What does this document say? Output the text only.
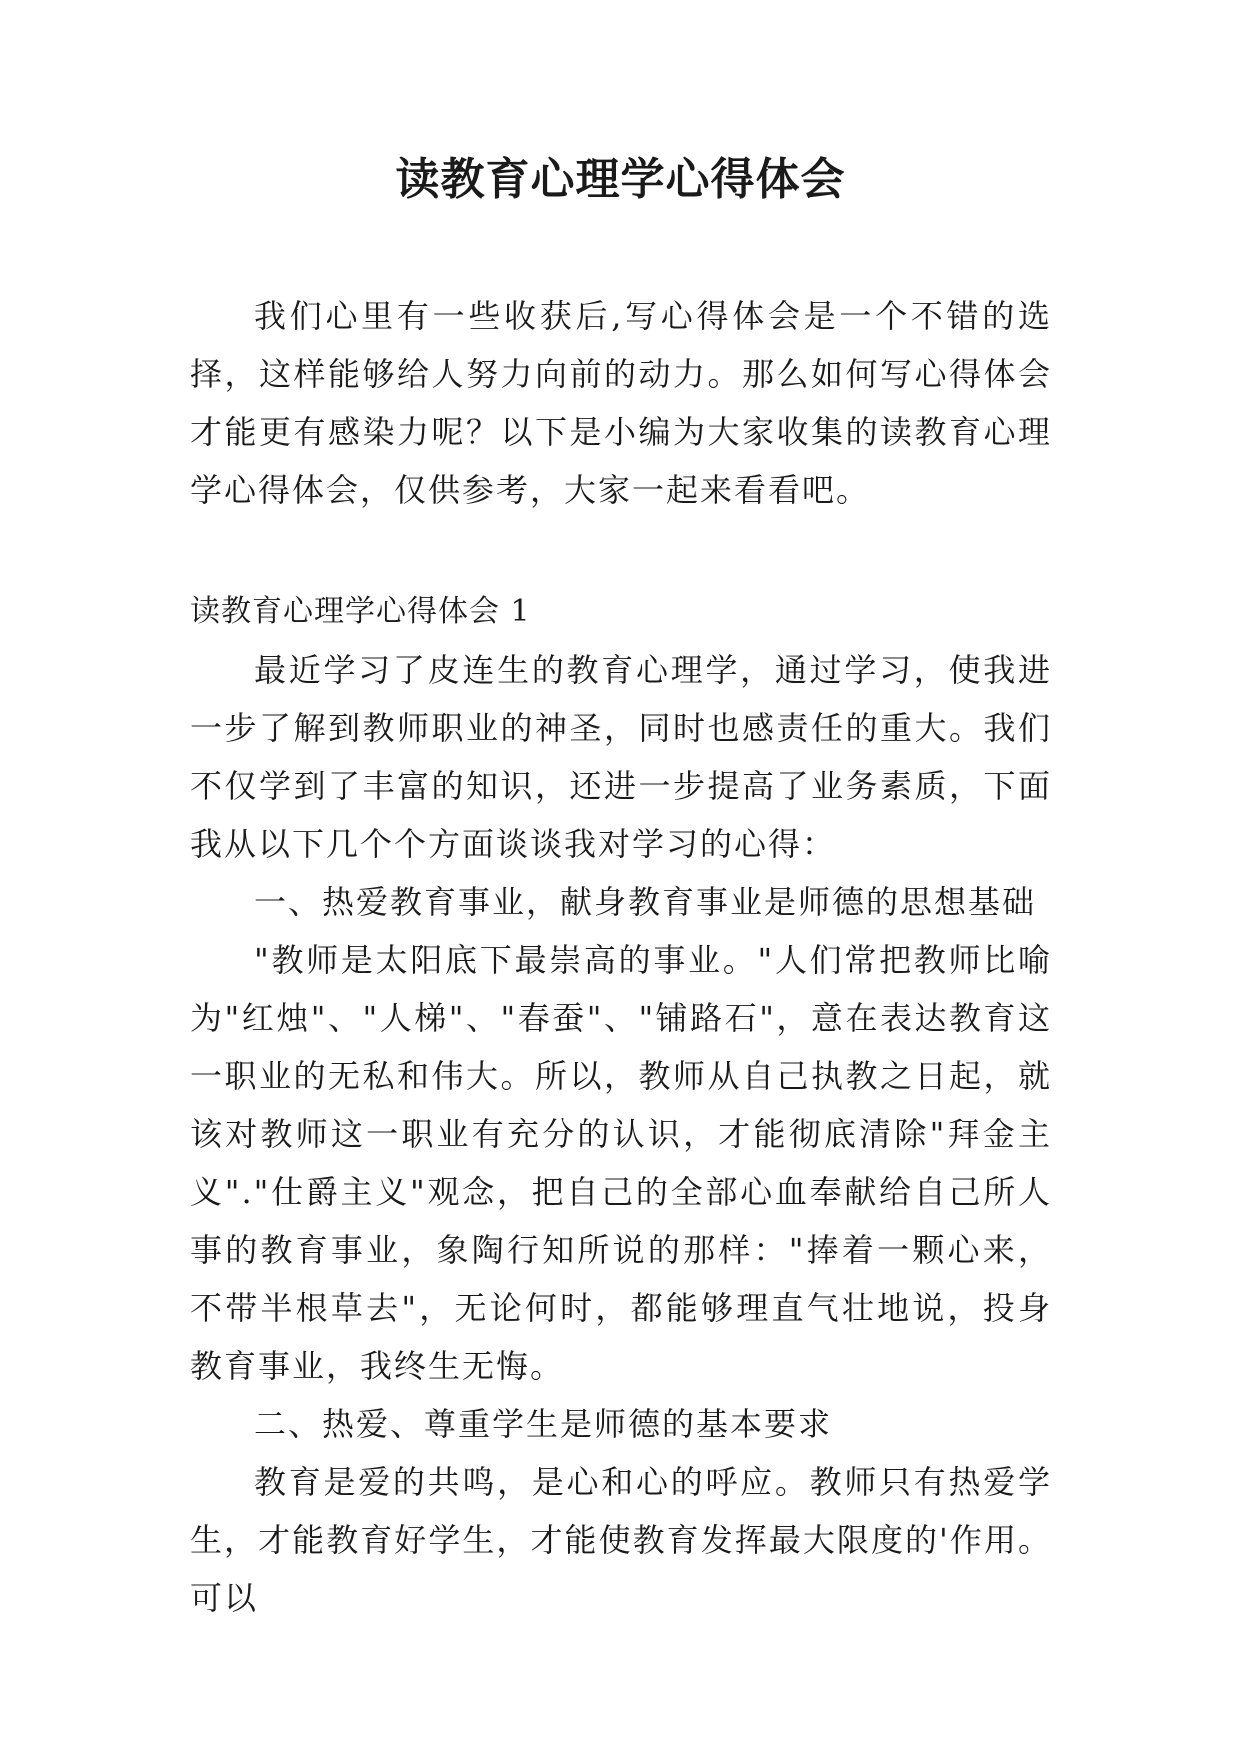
读教育心理学心得体会

我们心里有一些收获后,写心得体会是一个不错的选择，这样能够给人努力向前的动力。那么如何写心得体会才能更有感染力呢？以下是小编为大家收集的读教育心理学心得体会，仅供参考，大家一起来看看吧。

读教育心理学心得体会 1

最近学习了皮连生的教育心理学，通过学习，使我进一步了解到教师职业的神圣，同时也感责任的重大。我们不仅学到了丰富的知识，还进一步提高了业务素质，下面我从以下几个个方面谈谈我对学习的心得：

一、热爱教育事业，献身教育事业是师德的思想基础

"教师是太阳底下最崇高的事业。"人们常把教师比喻为"红烛"、"人梯"、"春蚕"、"铺路石"，意在表达教育这一职业的无私和伟大。所以，教师从自己执教之日起，就该对教师这一职业有充分的认识，才能彻底清除"拜金主义"."仕爵主义"观念，把自己的全部心血奉献给自己所人事的教育事业，象陶行知所说的那样："捧着一颗心来，不带半根草去"，无论何时，都能够理直气壮地说，投身教育事业，我终生无悔。

二、热爱、尊重学生是师德的基本要求

教育是爱的共鸣，是心和心的呼应。教师只有热爱学生，才能教育好学生，才能使教育发挥最大限度的'作用。可以
